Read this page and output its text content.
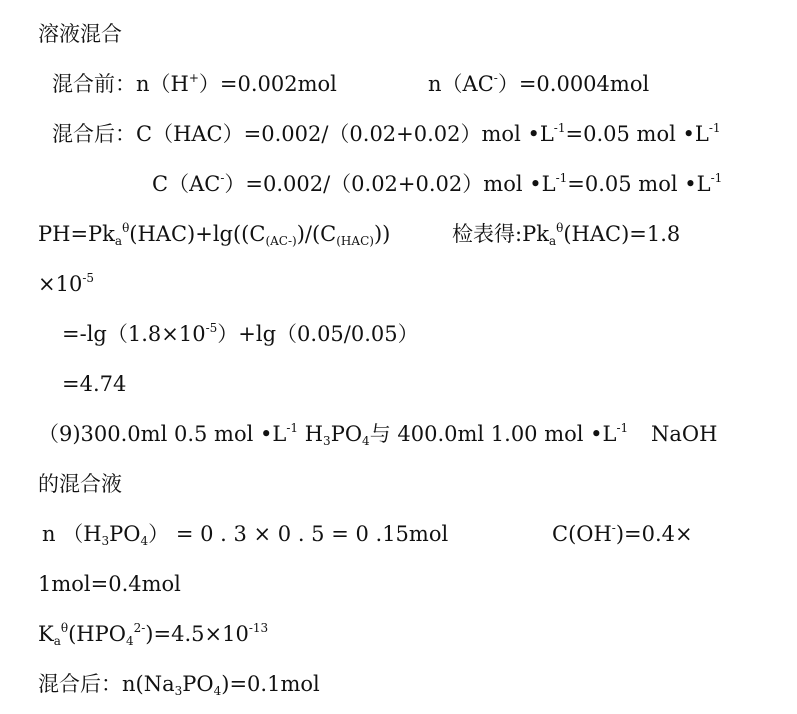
溶液混合
混合前：n（H+）=0.002mol	n（AC-）=0.0004mol
混合后：C（HAC）=0.002/（0.02+0.02）mol $•L^{-1}=0.05$ mol $•L^{-1}$
C（AC-）=0.002/（0.02+0.02）mol $•L^{-1}=0.05$ mol $•L^{-1}$
$PH=Pk_a^\theta(HAC)+\lg((C_{(AC-)})/(C_{(HAC)}))$	检表得$:Pk_a^\theta(HAC)=1.8$
$\times 10^{-5}$
$=-\lg(1.8\times 10^{-5})+\lg(0.05/0.05)$
=4.74
（9)300.0ml 0.5 mol $•L^{-1}$ $H_3PO_4$与 400.0ml 1.00 mol $•L^{-1}$ NaOH
的混合液
n $(H_3PO_4) = 0$ . 3 × 0 . 5 = 0 .15mol	C(OH-)=0.4×
1mol=0.4mol
$K_a^\theta(HPO_4^{2-})=4.5\times 10^{-13}$
混合后：$n(Na_3PO_4)=0.1mol$
